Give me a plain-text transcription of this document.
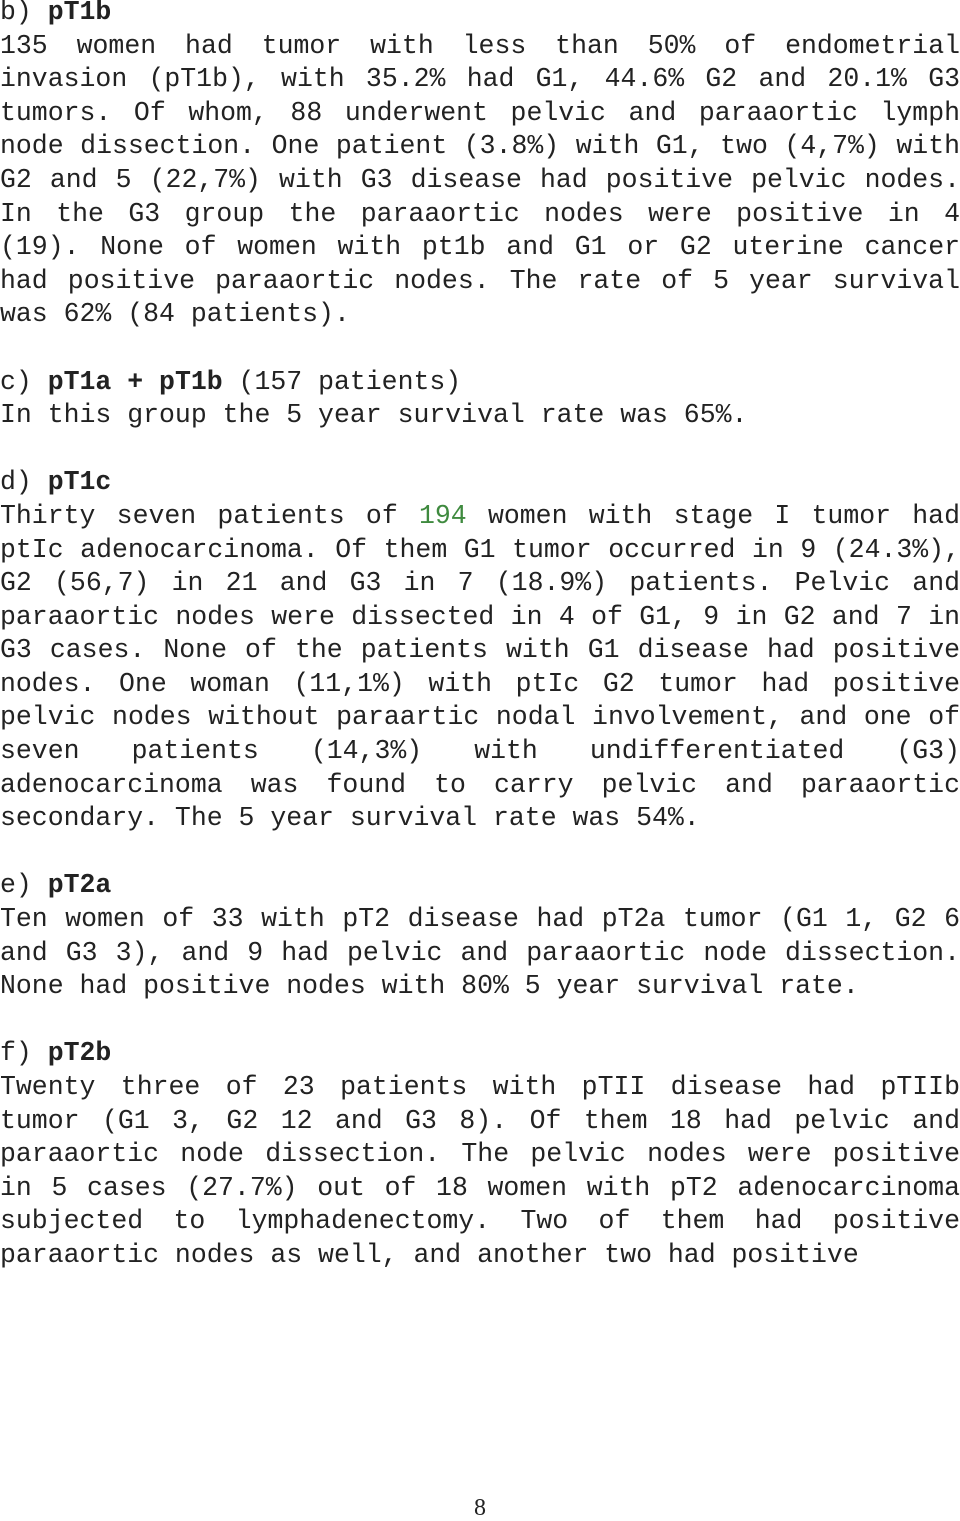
b) pT1b

135 women had tumor with less than 50% of endometrial invasion (pT1b), with 35.2% had G1, 44.6% G2 and 20.1% G3 tumors. Of whom, 88 underwent pelvic and paraaortic lymph node dissection. One patient (3.8%) with G1, two (4,7%) with G2 and 5 (22,7%) with G3 disease had positive pelvic nodes. In the G3 group the paraaortic nodes were positive in 4 (19). None of women with pt1b and G1 or G2 uterine cancer had positive paraaortic nodes. The rate of 5 year survival was 62% (84 patients).

c) pT1a + pT1b (157 patients)

In this group the 5 year survival rate was 65%.

d) pT1c

Thirty seven patients of 194 women with stage I tumor had ptIc adenocarcinoma. Of them G1 tumor occurred in 9 (24.3%), G2 (56,7) in 21 and G3 in 7 (18.9%) patients. Pelvic and paraaortic nodes were dissected in 4 of G1, 9 in G2 and 7 in G3 cases. None of the patients with G1 disease had positive nodes. One woman (11,1%) with ptIc G2 tumor had positive pelvic nodes without paraartic nodal involvement, and one of seven patients (14,3%) with undifferentiated (G3) adenocarcinoma was found to carry pelvic and paraaortic secondary. The 5 year survival rate was 54%.

e) pT2a

Ten women of 33 with pT2 disease had pT2a tumor (G1 1, G2 6 and G3 3), and 9 had pelvic and paraaortic node dissection. None had positive nodes with 80% 5 year survival rate.

f) pT2b

Twenty three of 23 patients with pTII disease had pTIIb tumor (G1 3, G2 12 and G3 8). Of them 18 had pelvic and paraaortic node dissection. The pelvic nodes were positive in 5 cases (27.7%) out of 18 women with pT2 adenocarcinoma subjected to lymphadenectomy. Two of them had positive paraaortic nodes as well, and another two had positive

8
